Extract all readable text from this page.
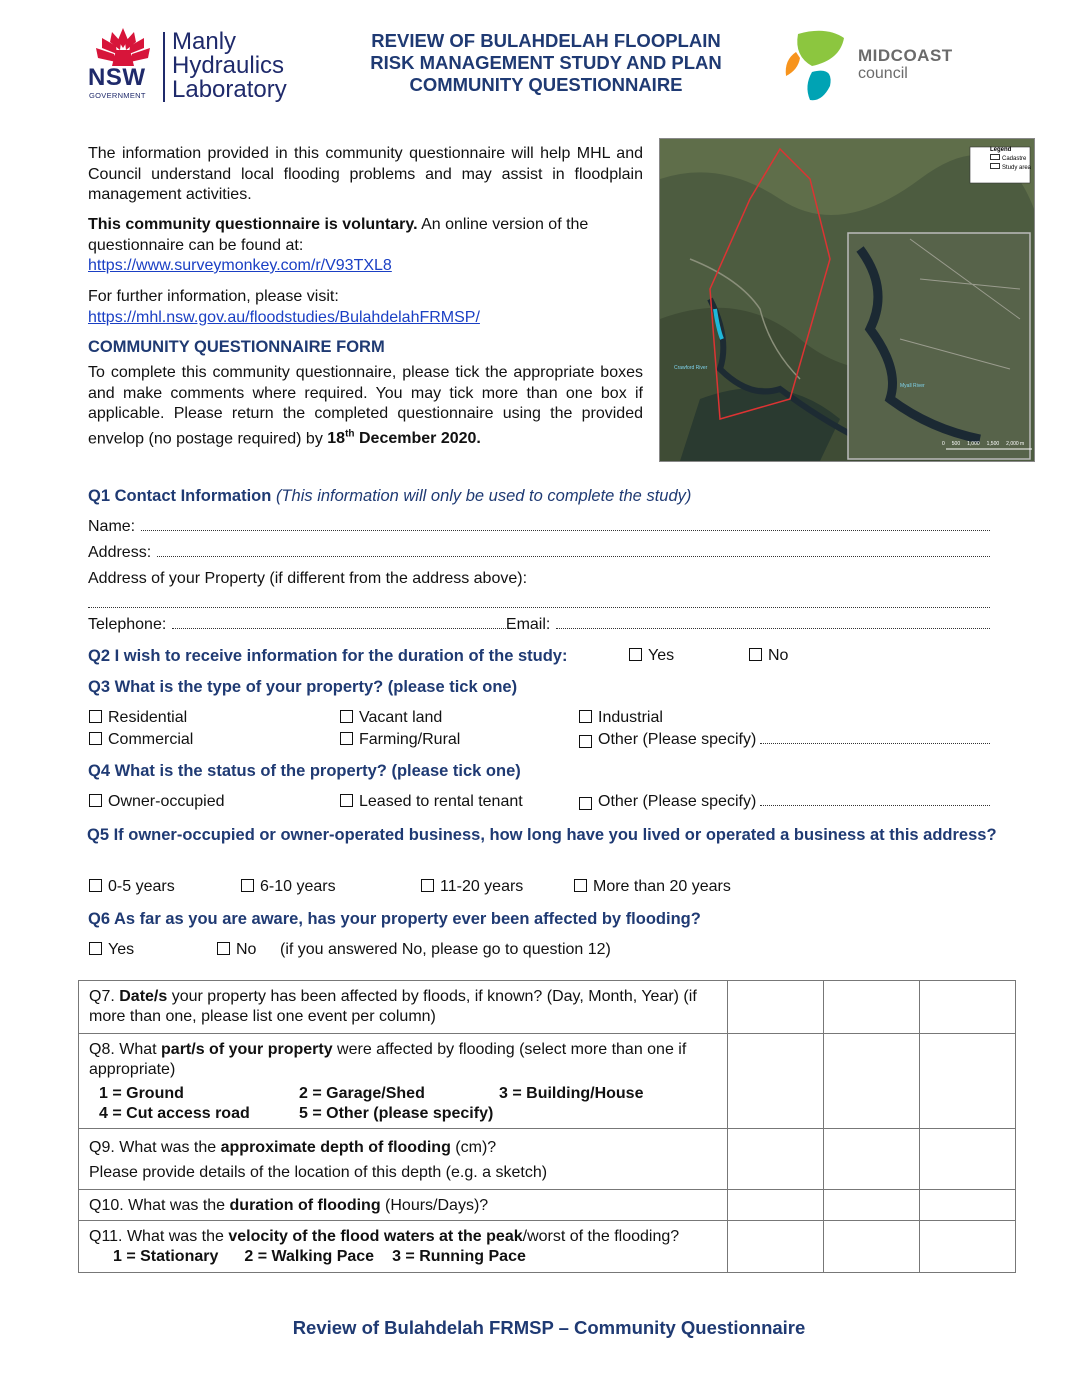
NSW
GOVERNMENT
Manly
Hydraulics
Laboratory
REVIEW OF BULAHDELAH FLOOPLAIN
RISK MANAGEMENT STUDY AND PLAN
COMMUNITY QUESTIONNAIRE
MIDCOAST
council
The information provided in this community questionnaire will help MHL and Council understand local flooding problems and may assist in floodplain management activities.
This community questionnaire is voluntary. An online version of the questionnaire can be found at:
https://www.surveymonkey.com/r/V93TXL8
For further information, please visit:
https://mhl.nsw.gov.au/floodstudies/BulahdelahFRMSP/
COMMUNITY QUESTIONNAIRE FORM
To complete this community questionnaire, please tick the appropriate boxes and make comments where required. You may tick more than one box if applicable. Please return the completed questionnaire using the provided envelop (no postage required) by 18th December 2020.
Legend
Cadastre
Study area
Crawford River
Myall River
0 500 1,000 1,500 2,000 m
Q1 Contact Information (This information will only be used to complete the study)
Name:
Address:
Address of your Property (if different from the address above):
Telephone:	Email:
Q2 I wish to receive information for the duration of the study:	Yes	No
Q3 What is the type of your property? (please tick one)
Residential	Vacant land	Industrial
Commercial	Farming/Rural	Other (Please specify)
Q4 What is the status of the property? (please tick one)
Owner-occupied	Leased to rental tenant	Other (Please specify)
Q5 If owner-occupied or owner-operated business, how long have you lived or operated a business at this address?
0-5 years	6-10 years	11-20 years	More than 20 years
Q6 As far as you are aware, has your property ever been affected by flooding?
Yes	No (if you answered No, please go to question 12)
Q7. Date/s your property has been affected by floods, if known? (Day, Month, Year) (if more than one, please list one event per column)			
Q8. What part/s of your property were affected by flooding (select more than one if appropriate)
1 = Ground 2 = Garage/Shed 3 = Building/House
4 = Cut access road 5 = Other (please specify)			

Q9. What was the approximate depth of flooding (cm)?
Please provide details of the location of this depth (e.g. a sketch)			
Q10. What was the duration of flooding (Hours/Days)?			
Q11. What was the velocity of the flood waters at the peak/worst of the flooding? 1 = Stationary 2 = Walking Pace 3 = Running Pace			
Review of Bulahdelah FRMSP – Community Questionnaire
